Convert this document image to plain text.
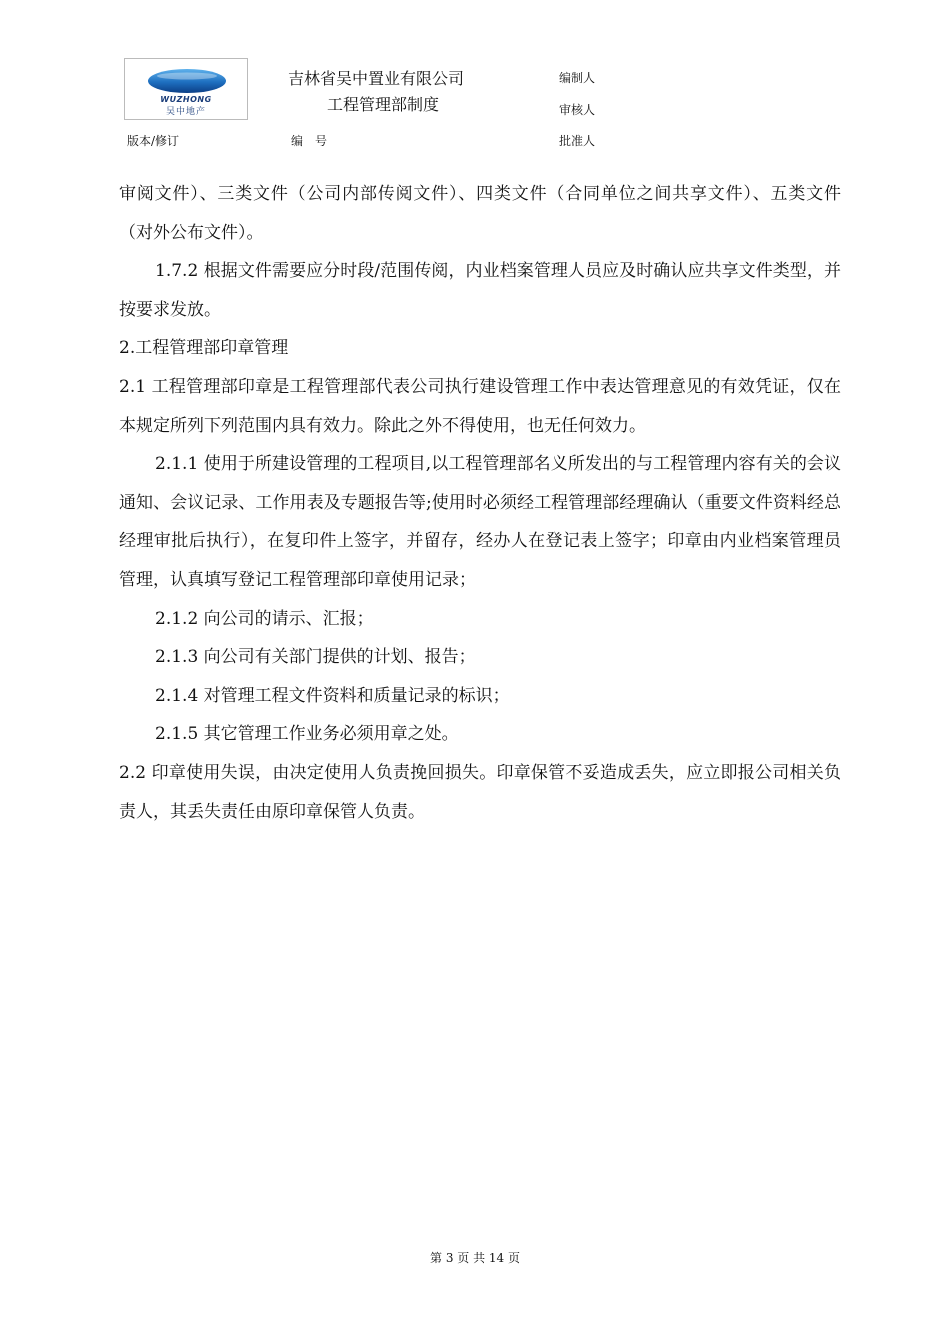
WUZHONG
吴中地产
吉林省吴中置业有限公司
工程管理部制度
编制人
审核人
批准人
版本/修订	编　号

审阅文件）、三类文件（公司内部传阅文件）、四类文件（合同单位之间共享文件）、五类文件（对外公布文件）。

1.7.2 根据文件需要应分时段/范围传阅，内业档案管理人员应及时确认应共享文件类型，并按要求发放。

2.工程管理部印章管理

2.1 工程管理部印章是工程管理部代表公司执行建设管理工作中表达管理意见的有效凭证，仅在本规定所列下列范围内具有效力。除此之外不得使用，也无任何效力。

2.1.1 使用于所建设管理的工程项目,以工程管理部名义所发出的与工程管理内容有关的会议通知、会议记录、工作用表及专题报告等;使用时必须经工程管理部经理确认（重要文件资料经总经理审批后执行），在复印件上签字，并留存，经办人在登记表上签字；印章由内业档案管理员管理，认真填写登记工程管理部印章使用记录；

2.1.2 向公司的请示、汇报；

2.1.3 向公司有关部门提供的计划、报告；

2.1.4 对管理工程文件资料和质量记录的标识；

2.1.5 其它管理工作业务必须用章之处。

2.2 印章使用失误，由决定使用人负责挽回损失。印章保管不妥造成丢失，应立即报公司相关负责人，其丢失责任由原印章保管人负责。

第 3 页 共 14 页
